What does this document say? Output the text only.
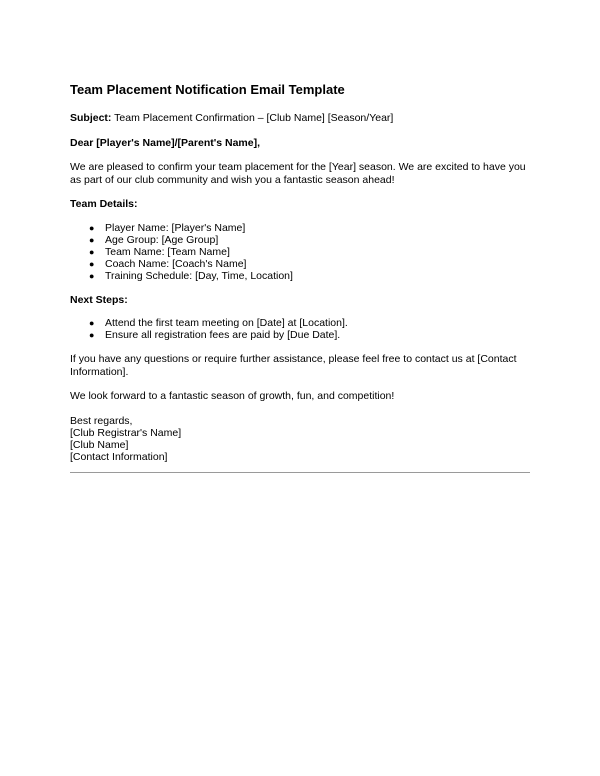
Team Placement Notification Email Template
Subject: Team Placement Confirmation – [Club Name] [Season/Year]
Dear [Player's Name]/[Parent's Name],
We are pleased to confirm your team placement for the [Year] season. We are excited to have you as part of our club community and wish you a fantastic season ahead!
Team Details:
● Player Name: [Player's Name]
● Age Group: [Age Group]
● Team Name: [Team Name]
● Coach Name: [Coach's Name]
● Training Schedule: [Day, Time, Location]
Next Steps:
● Attend the first team meeting on [Date] at [Location].
● Ensure all registration fees are paid by [Due Date].
If you have any questions or require further assistance, please feel free to contact us at [Contact Information].
We look forward to a fantastic season of growth, fun, and competition!
Best regards,
[Club Registrar's Name]
[Club Name]
[Contact Information]
